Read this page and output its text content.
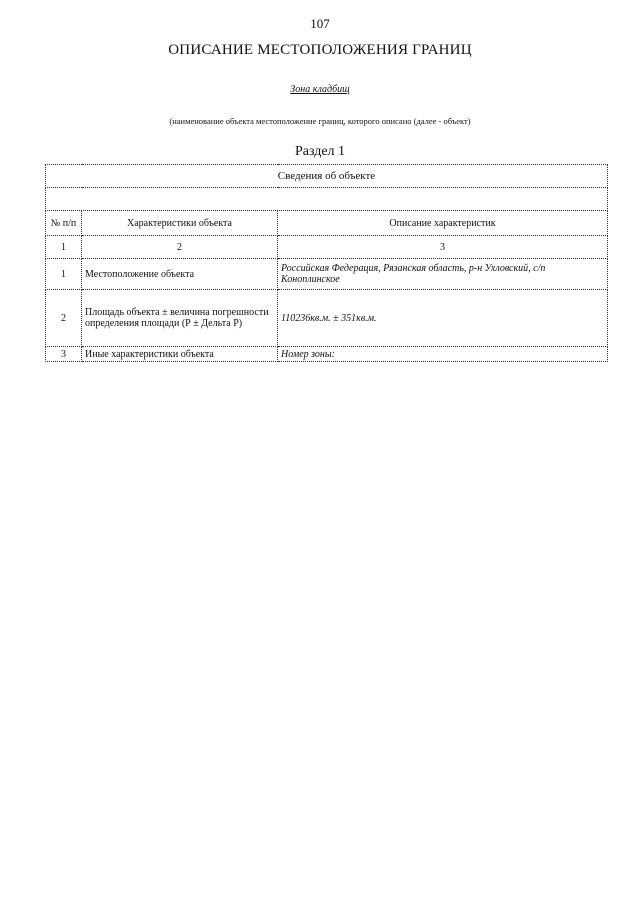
107
ОПИСАНИЕ МЕСТОПОЛОЖЕНИЯ ГРАНИЦ
Зона кладбищ
(наименование объекта местоположение границ, которого описано (далее - объект)
Раздел 1
Сведения об объекте		

№ п/п	Характеристики объекта	Описание характеристик
1	2	3
1	Местоположение объекта	Российская Федерация, Рязанская область, р-н Ухловский, с/п Коноплинское
2	Площадь объекта ± величина погрешности определения площади (Р ± Дельта Р)	110236кв.м. ± 351кв.м.
3	Иные характеристики объекта	Номер зоны:
